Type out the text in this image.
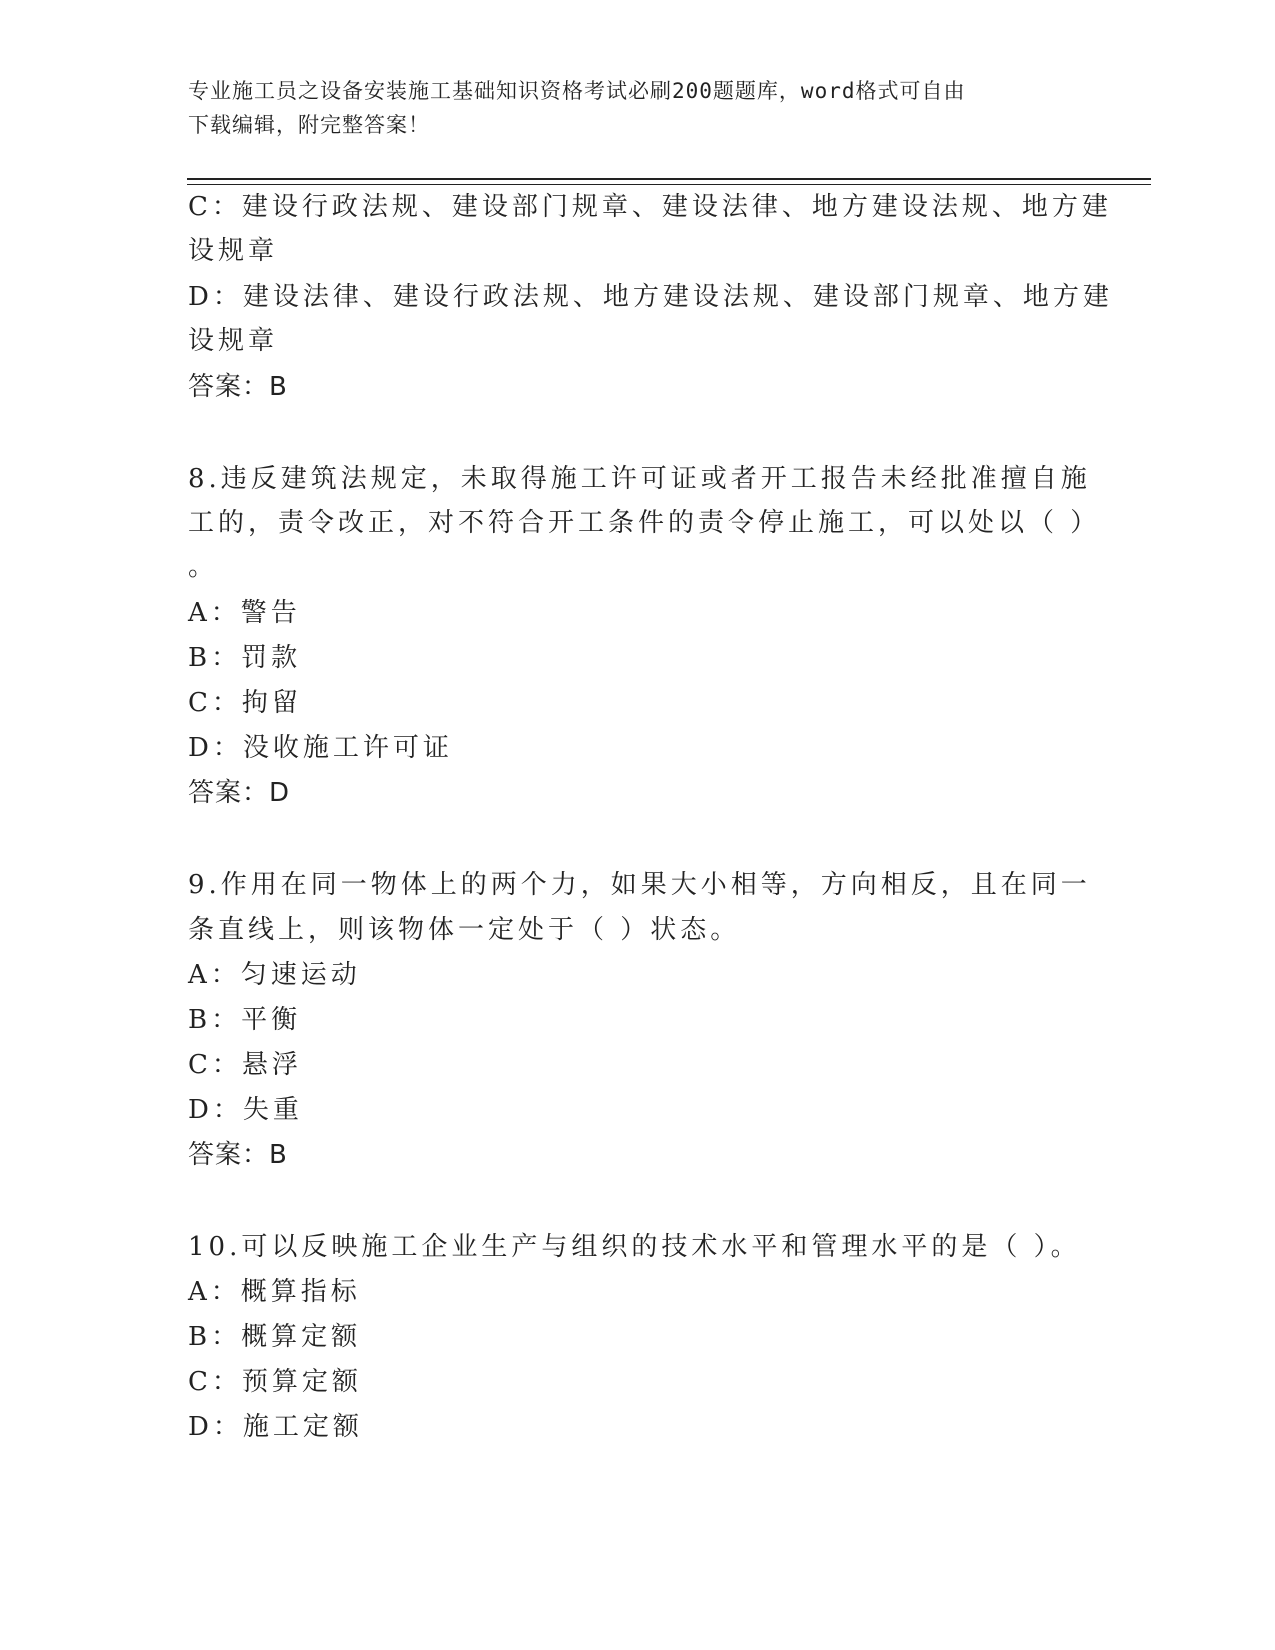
专业施工员之设备安装施工基础知识资格考试必刷200题题库，word格式可自由
下载编辑，附完整答案！
C：建设行政法规、建设部门规章、建设法律、地方建设法规、地方建
设规章
D：建设法律、建设行政法规、地方建设法规、建设部门规章、地方建
设规章
答案：B
8.违反建筑法规定，未取得施工许可证或者开工报告未经批准擅自施
工的，责令改正，对不符合开工条件的责令停止施工，可以处以（ ）
。
A：警告
B：罚款
C：拘留
D：没收施工许可证
答案：D
9.作用在同一物体上的两个力，如果大小相等，方向相反，且在同一
条直线上，则该物体一定处于（ ）状态。
A：匀速运动
B：平衡
C：悬浮
D：失重
答案：B
10.可以反映施工企业生产与组织的技术水平和管理水平的是（ ）。
A：概算指标
B：概算定额
C：预算定额
D：施工定额
